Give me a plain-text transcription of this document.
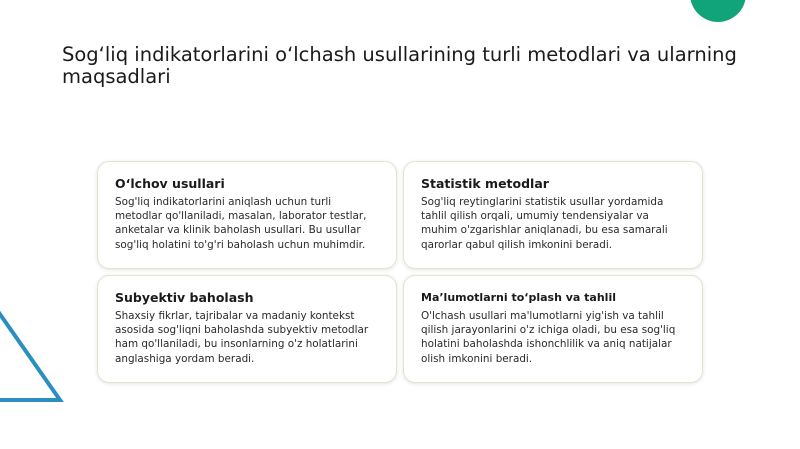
Sog‘liq indikatorlarini o‘lchash usullarining turli metodlari va ularning maqsadlari

O‘lchov usullari

Sog'liq indikatorlarini aniqlash uchun turli metodlar qo'llaniladi, masalan, laborator testlar, anketalar va klinik baholash usullari. Bu usullar sog'liq holatini to'g'ri baholash uchun muhimdir.

Statistik metodlar

Sog'liq reytinglarini statistik usullar yordamida tahlil qilish orqali, umumiy tendensiyalar va muhim o'zgarishlar aniqlanadi, bu esa samarali qarorlar qabul qilish imkonini beradi.

Subyektiv baholash

Shaxsiy fikrlar, tajribalar va madaniy kontekst asosida sog'liqni baholashda subyektiv metodlar ham qo'llaniladi, bu insonlarning o'z holatlarini anglashiga yordam beradi.

Ma’lumotlarni to‘plash va tahlil

O'lchash usullari ma'lumotlarni yig'ish va tahlil qilish jarayonlarini o'z ichiga oladi, bu esa sog'liq holatini baholashda ishonchlilik va aniq natijalar olish imkonini beradi.
